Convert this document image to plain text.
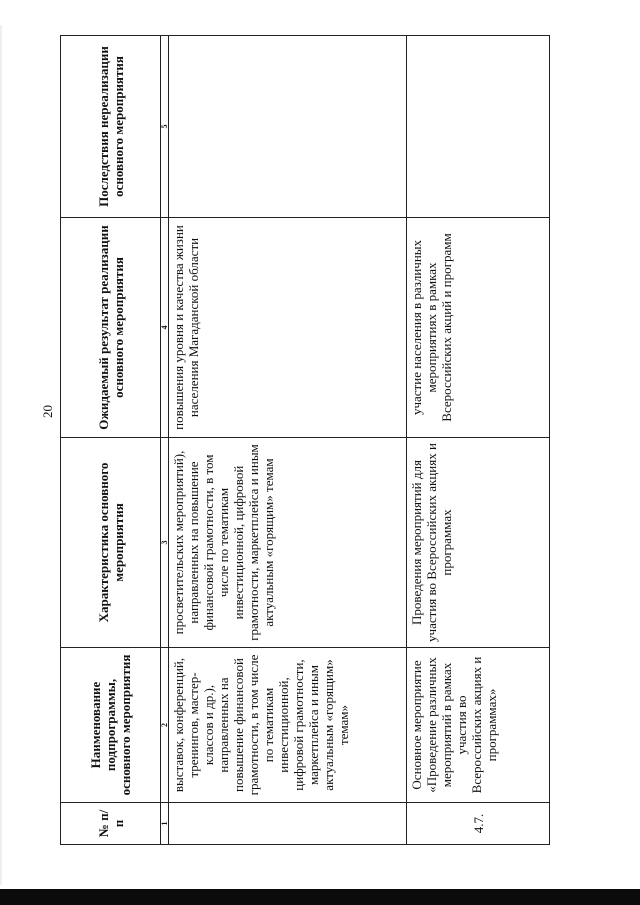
20
№ п/п	Наименование подпрограммы, основного мероприятия	Характеристика основного мероприятия	Ожидаемый результат реализации основного мероприятия	Последствия нереализации основного мероприятия
1	2	3	4	5
	выставок, конференций, тренингов, мастер-классов и др.), направленных на повышение финансовой грамотности, в том числе по тематикам инвестиционной, цифровой грамотности, маркетплейса и иным актуальным «горящим» темам»	просветительских мероприятий), направленных на повышение финансовой грамотности, в том числе по тематикам инвестиционной, цифровой грамотности, маркетплейса и иным актуальным «горящим» темам	повышения уровня и качества жизни населения Магаданской области	
4.7.	Основное мероприятие «Проведение различных мероприятий в рамках участия во Всероссийских акциях и программах»	Проведения мероприятий для участия во Всероссийских акциях и программах	участие населения в различных мероприятиях в рамках Всероссийских акций и программ	
